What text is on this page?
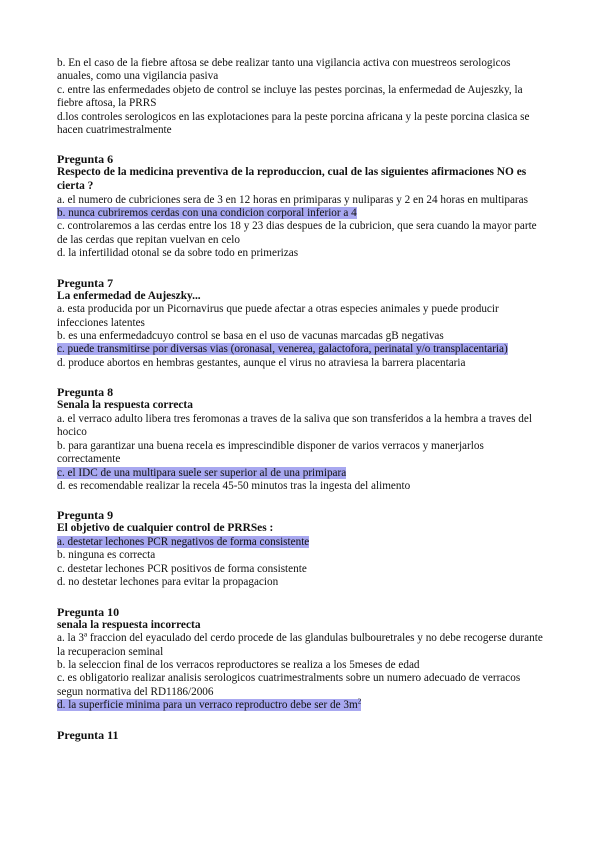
b. En el caso de la fiebre aftosa se debe realizar tanto una vigilancia activa con muestreos serologicos anuales, como una vigilancia pasiva
c. entre las enfermedades objeto de control se incluye las pestes porcinas, la enfermedad de Aujeszky, la fiebre aftosa, la PRRS
d.los controles serologicos en las explotaciones para la peste porcina africana y la peste porcina clasica se hacen cuatrimestralmente
Pregunta 6
Respecto de la medicina preventiva de la reproduccion, cual de las siguientes afirmaciones NO es cierta ?
a. el numero de cubriciones sera de 3 en 12 horas en primiparas y nuliparas y 2 en 24 horas en multiparas
b. nunca cubriremos cerdas con una condicion corporal inferior a 4
c. controlaremos a las cerdas entre los 18 y 23 dias despues de la cubricion, que sera cuando la mayor parte de las cerdas que repitan vuelvan en celo
d. la infertilidad otonal se da sobre todo en primerizas
Pregunta 7
La enfermedad de Aujeszky...
a. esta producida por un Picornavirus que puede afectar a otras especies animales y puede producir infecciones latentes
b. es una enfermedadcuyo control se basa en el uso de vacunas marcadas gB negativas
c. puede transmitirse por diversas vias (oronasal, venerea, galactofora, perinatal y/o transplacentaria)
d. produce abortos en hembras gestantes, aunque el virus no atraviesa la barrera placentaria
Pregunta 8
Senala la respuesta correcta
a. el verraco adulto libera tres feromonas a traves de la saliva que son transferidos a la hembra a traves del hocico
b. para garantizar una buena recela es imprescindible disponer de varios verracos y manerjarlos correctamente
c. el IDC de una multipara suele ser superior al de una primipara
d. es recomendable realizar la recela 45-50 minutos tras la ingesta del alimento
Pregunta 9
El objetivo de cualquier control de PRRSes :
a. destetar lechones PCR negativos de forma consistente
b. ninguna es correcta
c. destetar lechones PCR positivos de forma consistente
d. no destetar lechones para evitar la propagacion
Pregunta 10
senala la respuesta incorrecta
a. la 3ª fraccion del eyaculado del cerdo procede de las glandulas bulbouretrales y no debe recogerse durante la recuperacion seminal
b. la seleccion final de los verracos reproductores se realiza a los 5meses de edad
c. es obligatorio realizar analisis serologicos cuatrimestralments sobre un numero adecuado de verracos segun normativa del RD1186/2006
d. la superficie minima para un verraco reproductro debe ser de $3m^2$
Pregunta 11
